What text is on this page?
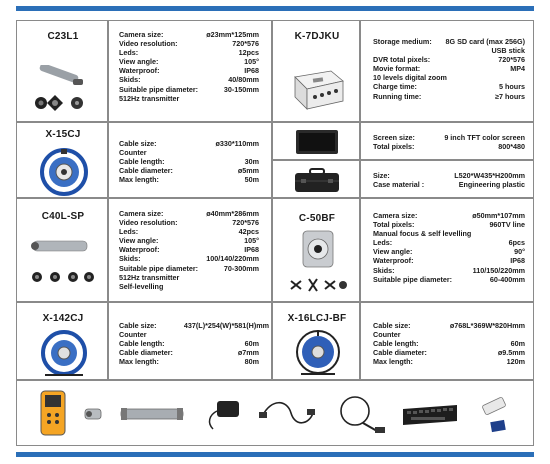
C23L1	Camera size:	ø23mm*125mm
Video resolution:	720*576
Leds:	12pcs
View angle:	105°
Waterproof:	IP68
Skids:	40/80mm
Suitable pipe diameter:	30-150mm
512Hz transmitter
K-7DJKU	Storage medium: 8G SD card (max 256G)
USB stick
DVR total pixels:	720*576
Movie format:	MP4
10 levels digital zoom
Charge time:	5 hours
Running time:	≥7 hours
X-15CJ
Cable size:	ø330*110mm
Counter
Cable length:	30m
Cable diameter:	ø5mm
Max length:	50m
Screen size:	9 inch TFT color screen
Total pixels:	800*480
Size:	L520*W435*H200mm
Case material :	Engineering plastic
C40L-SP	Camera size:	ø40mm*286mm
Video resolution:	720*576
Leds:	42pcs
View angle:	105°
Waterproof:	IP68
Skids:	100/140/220mm
Suitable pipe diameter:	70-300mm
512Hz transmitter
Self-levelling
C-50BF	Camera size:	ø50mm*107mm
Total pixels:	960TV line
Manual focus & self levelling
Leds:	6pcs
View angle:	90°
Waterproof:	IP68
Skids:	110/150/220mm
Suitable pipe diameter:	60-400mm
X-142CJ
Cable size:	437(L)*254(W)*581(H)mm
Counter
Cable length:	60m
Cable diameter:	ø7mm
Max length:	80m
X-16LCJ-BF
Cable size:	ø768L*369W*820Hmm
Counter
Cable length:	60m
Cable diameter:	ø9.5mm
Max length:	120m
